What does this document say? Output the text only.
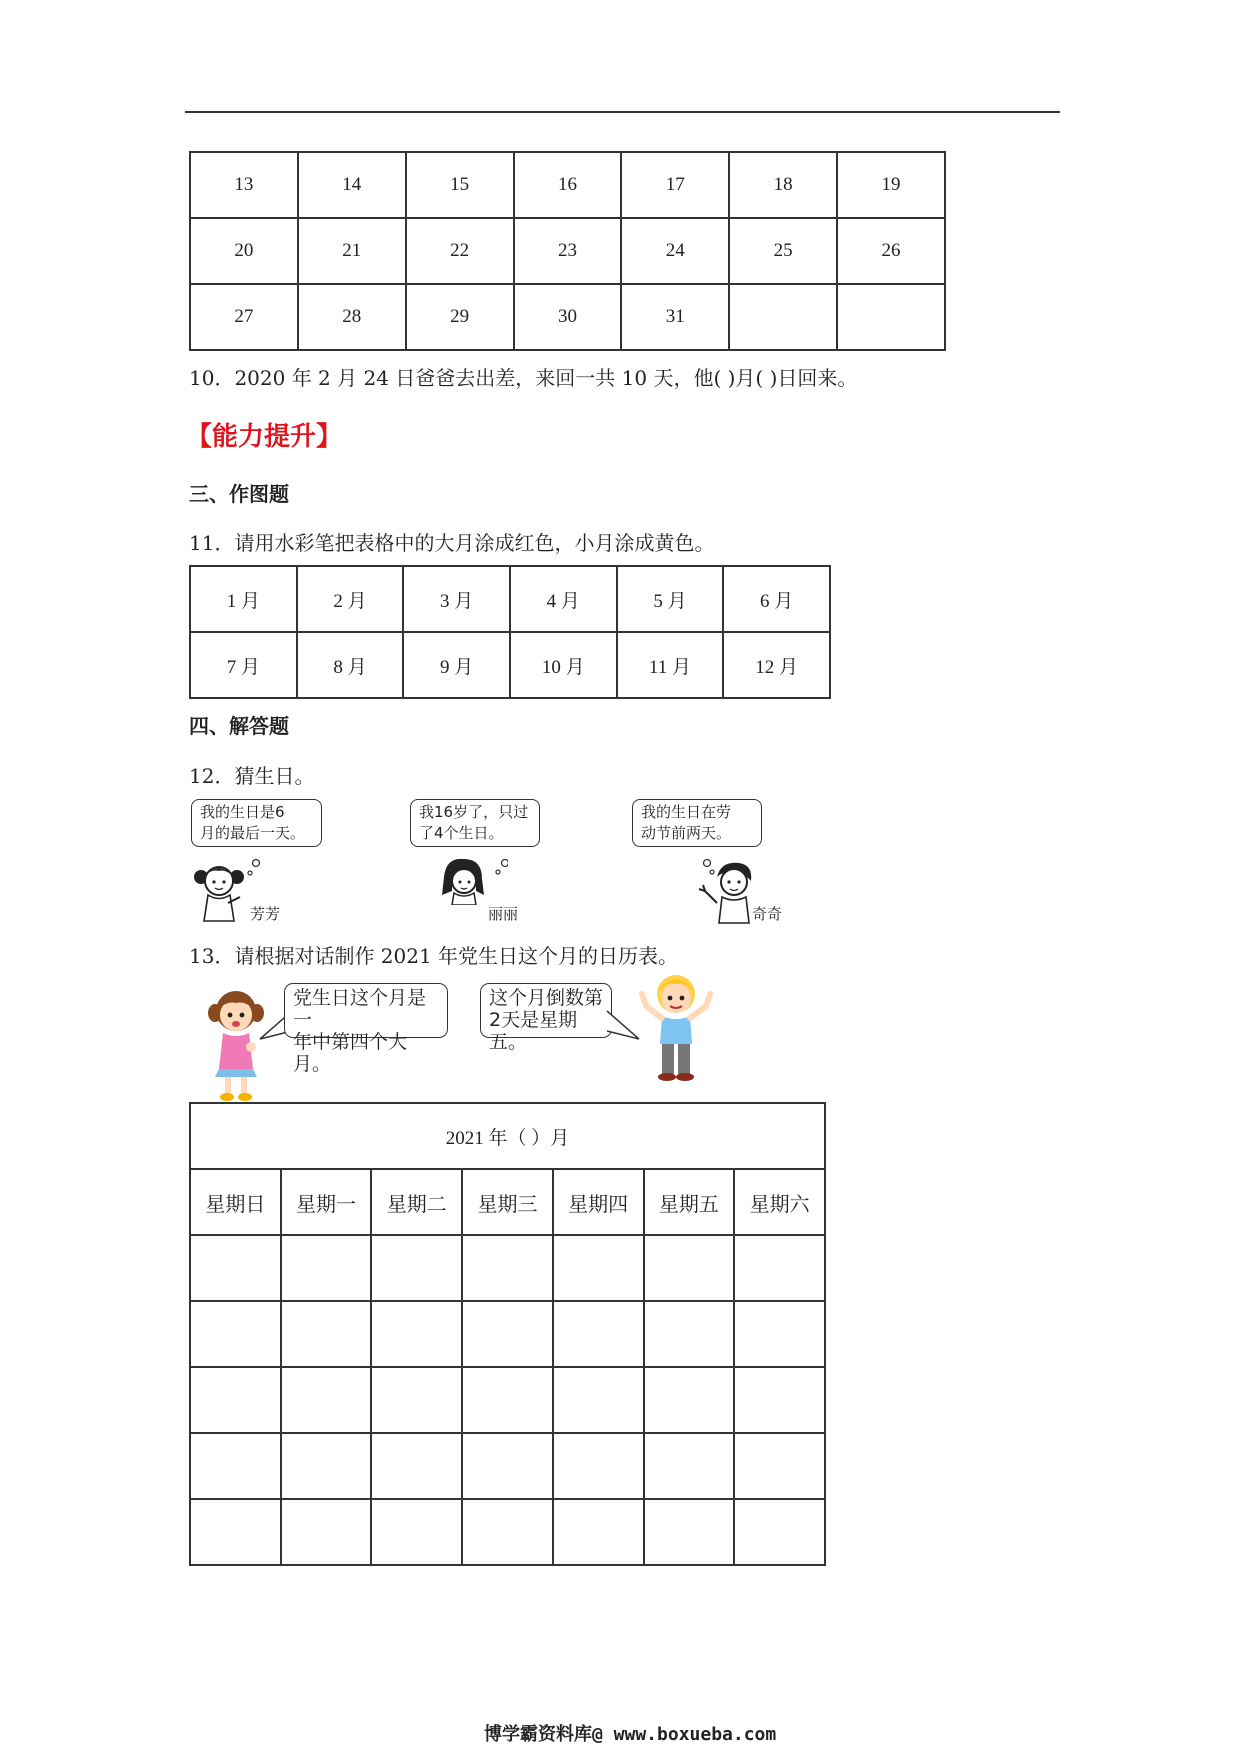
13	14	15	16	17	18	19
20	21	22	23	24	25	26
27	28	29	30	31		
10．2020 年 2 月 24 日爸爸去出差，来回一共 10 天，他( )月( )日回来。
【能力提升】
三、作图题
11．请用水彩笔把表格中的大月涂成红色，小月涂成黄色。
1 月	2 月	3 月	4 月	5 月	6 月
7 月	8 月	9 月	10 月	11 月	12 月
四、解答题
12．猜生日。
我的生日是6
月的最后一天。
芳芳
我16岁了，只过
了4个生日。
丽丽
我的生日在劳
动节前两天。
奇奇
13．请根据对话制作 2021 年党生日这个月的日历表。
党生日这个月是一
年中第四个大月。
这个月倒数第
2天是星期五。
2021 年（ ）月						
星期日	星期一	星期二	星期三	星期四	星期五	星期六

博学霸资料库@ www.boxueba.com
